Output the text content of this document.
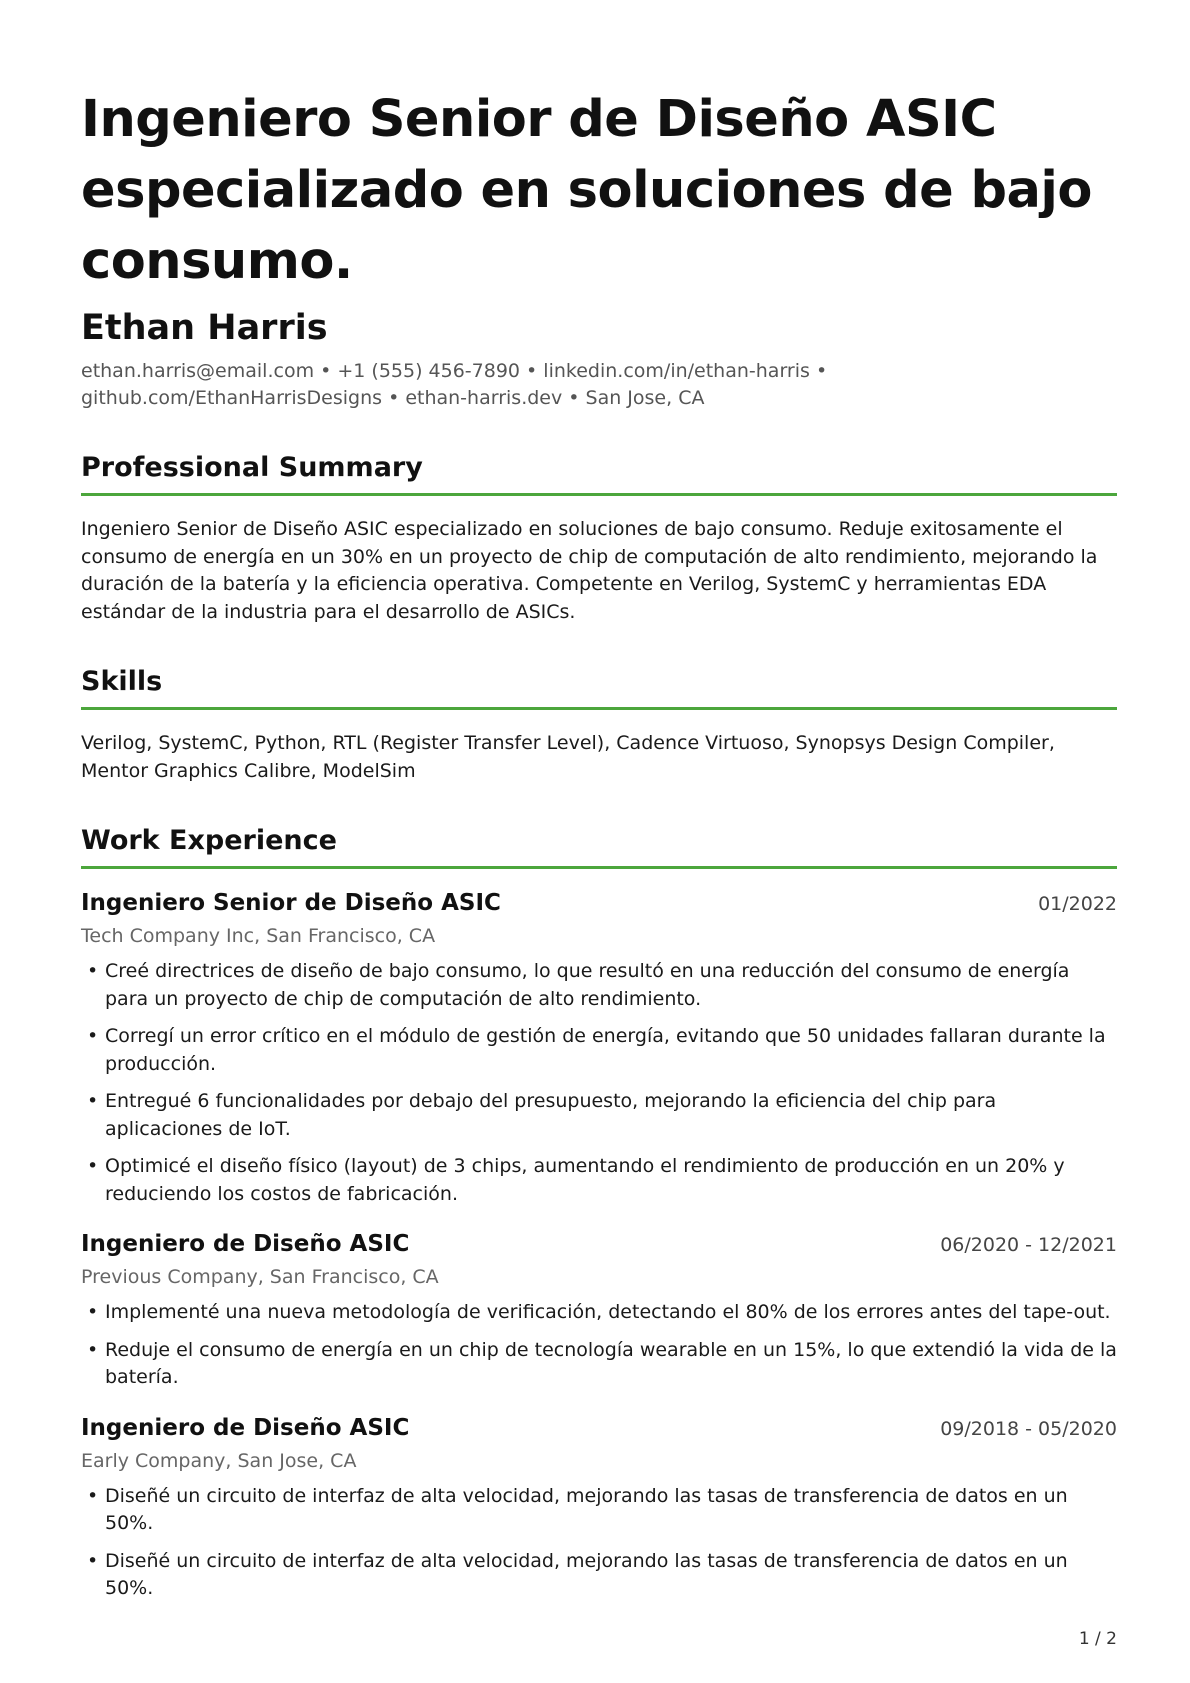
Ingeniero Senior de Diseño ASIC especializado en soluciones de bajo consumo.
Ethan Harris
ethan.harris@email.com • +1 (555) 456-7890 • linkedin.com/in/ethan-harris • github.com/EthanHarrisDesigns • ethan-harris.dev • San Jose, CA
Professional Summary

Ingeniero Senior de Diseño ASIC especializado en soluciones de bajo consumo. Reduje exitosamente el consumo de energía en un 30% en un proyecto de chip de computación de alto rendimiento, mejorando la duración de la batería y la eficiencia operativa. Competente en Verilog, SystemC y herramientas EDA estándar de la industria para el desarrollo de ASICs.

Skills

Verilog, SystemC, Python, RTL (Register Transfer Level), Cadence Virtuoso, Synopsys Design Compiler, Mentor Graphics Calibre, ModelSim

Work Experience
Ingeniero Senior de Diseño ASIC	01/2022
Tech Company Inc, San Francisco, CA
• Creé directrices de diseño de bajo consumo, lo que resultó en una reducción del consumo de energía para un proyecto de chip de computación de alto rendimiento.
• Corregí un error crítico en el módulo de gestión de energía, evitando que 50 unidades fallaran durante la producción.
• Entregué 6 funcionalidades por debajo del presupuesto, mejorando la eficiencia del chip para aplicaciones de IoT.
• Optimicé el diseño físico (layout) de 3 chips, aumentando el rendimiento de producción en un 20% y reduciendo los costos de fabricación.
Ingeniero de Diseño ASIC	06/2020 - 12/2021
Previous Company, San Francisco, CA
• Implementé una nueva metodología de verificación, detectando el 80% de los errores antes del tape-out.
• Reduje el consumo de energía en un chip de tecnología wearable en un 15%, lo que extendió la vida de la batería.
Ingeniero de Diseño ASIC	09/2018 - 05/2020
Early Company, San Jose, CA
• Diseñé un circuito de interfaz de alta velocidad, mejorando las tasas de transferencia de datos en un 50%.
• Diseñé un circuito de interfaz de alta velocidad, mejorando las tasas de transferencia de datos en un 50%.
1 / 2
